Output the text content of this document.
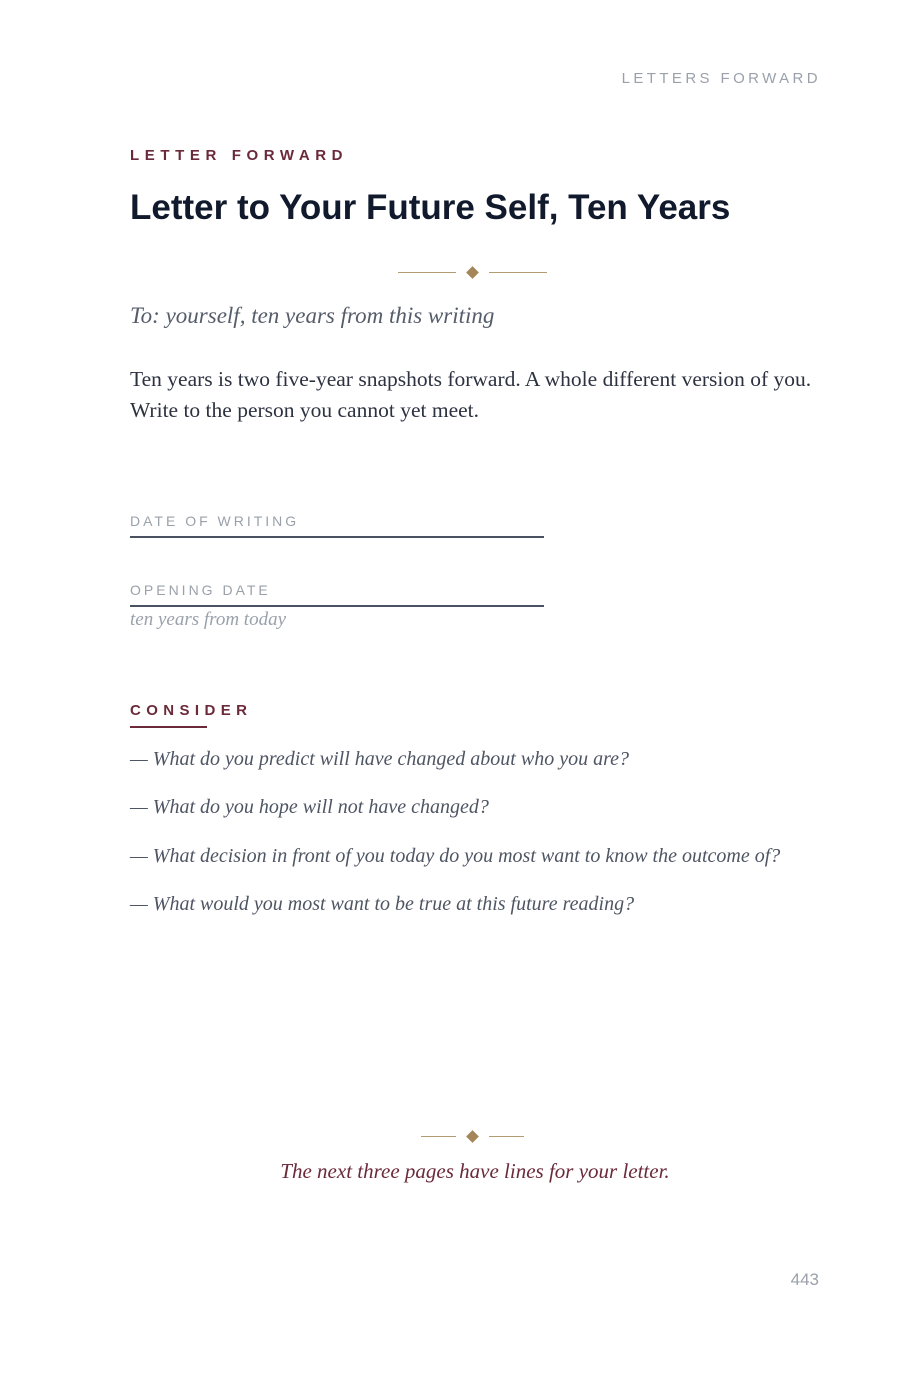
LETTERS FORWARD
LETTER FORWARD
Letter to Your Future Self, Ten Years
To: yourself, ten years from this writing

Ten years is two five-year snapshots forward. A whole different version of you. Write to the person you cannot yet meet.

DATE OF WRITING
OPENING DATE
ten years from today
CONSIDER
— What do you predict will have changed about who you are?
— What do you hope will not have changed?
— What decision in front of you today do you most want to know the outcome of?
— What would you most want to be true at this future reading?
The next three pages have lines for your letter.
443
